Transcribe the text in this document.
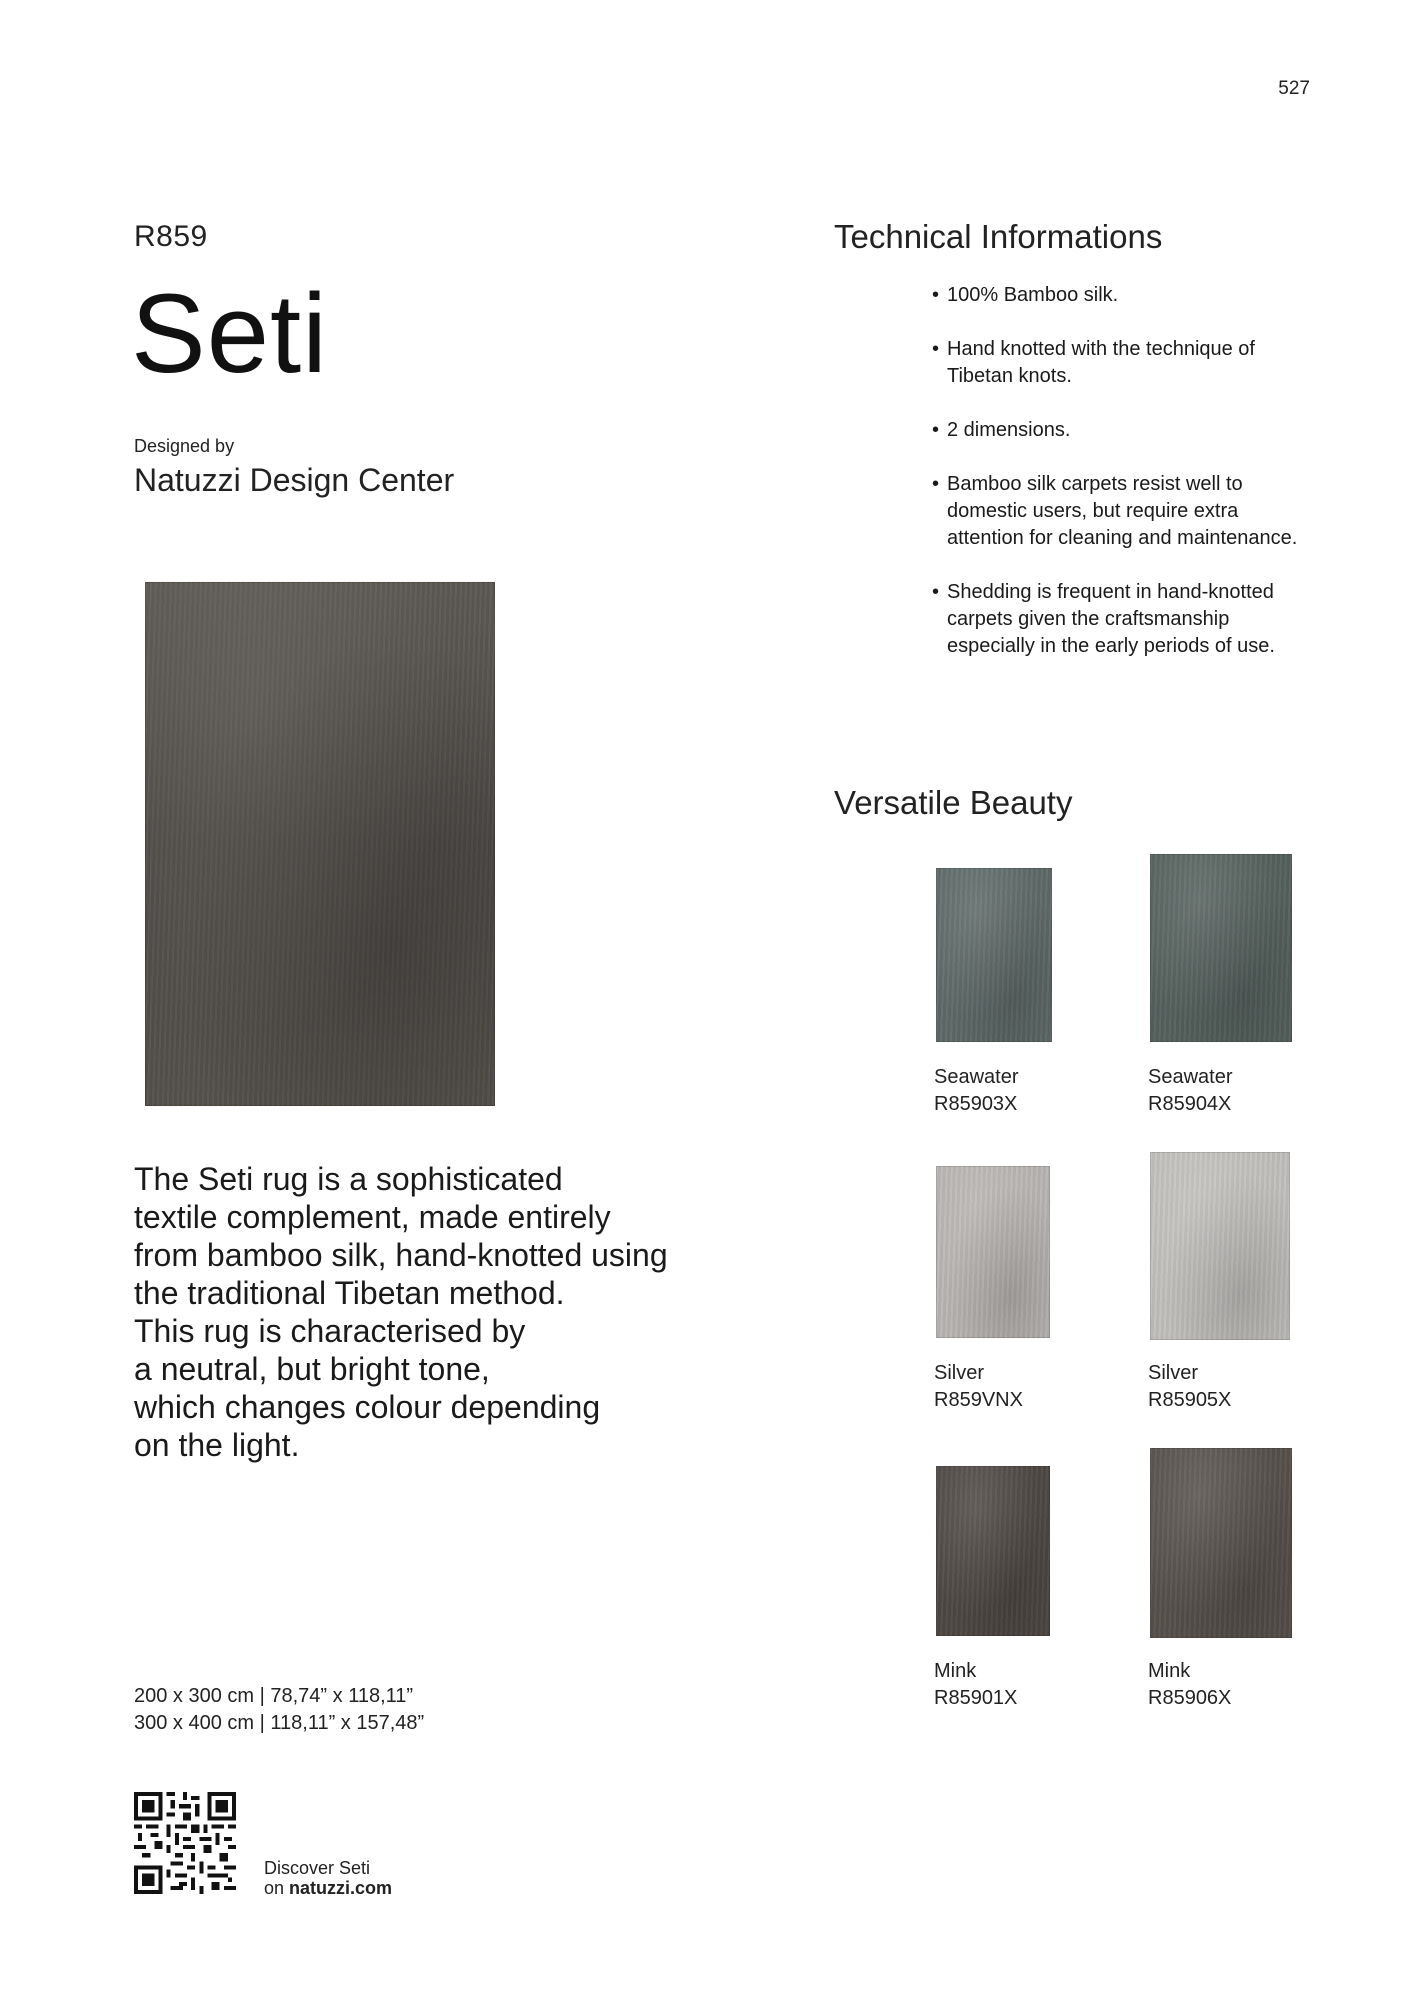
527
R859
Seti
Designed by
Natuzzi Design Center

The Seti rug is a sophisticated
textile complement, made entirely
from bamboo silk, hand-knotted using
the traditional Tibetan method.
This rug is characterised by
a neutral, but bright tone,
which changes colour depending
on the light.

200 x 300 cm | 78,74” x 118,11”
300 x 400 cm | 118,11” x 157,48”
Discover Seti
on natuzzi.com
Technical Informations
• 100% Bamboo silk.
• Hand knotted with the technique of Tibetan knots.
• 2 dimensions.
• Bamboo silk carpets resist well to domestic users, but require extra attention for cleaning and maintenance.
• Shedding is frequent in hand-knotted carpets given the craftsmanship especially in the early periods of use.
Versatile Beauty
Seawater
R85903X
Seawater
R85904X
Silver
R859VNX
Silver
R85905X
Mink
R85901X
Mink
R85906X
